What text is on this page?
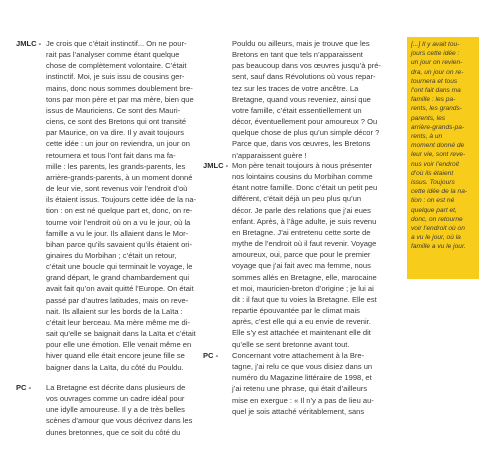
JMLC - Je crois que c’était instinctif... On ne pour-
rait pas l’analyser comme étant quelque
chose de complètement volontaire. C’était
instinctif. Moi, je suis issu de cousins ger-
mains, donc nous sommes doublement bre-
tons par mon père et par ma mère, bien que
issus de Mauriciens. Ce sont des Mauri-
ciens, ce sont des Bretons qui ont transité
par Maurice, on va dire. Il y avait toujours
cette idée : un jour on reviendra, un jour on
retournera et tous l’ont fait dans ma fa-
mille : les parents, les grands-parents, les
arrière-grands-parents, à un moment donné
de leur vie, sont revenus voir l’endroit d’où
ils étaient issus. Toujours cette idée de la na-
tion : on est né quelque part et, donc, on re-
tourne voir l’endroit où on a vu le jour, où la
famille a vu le jour. Ils allaient dans le Mor-
bihan parce qu’ils savaient qu’ils étaient ori-
ginaires du Morbihan ; c’était un retour,
c’était une boucle qui terminait le voyage, le
grand départ, le grand chambardement qui
avait fait qu’on avait quitté l’Europe. On était
passé par d’autres latitudes, mais on reve-
nait. Ils allaient sur les bords de la Laïta :
c’était leur berceau. Ma mère même me di-
sait qu’elle se baignait dans la Laïta et c’était
pour elle une émotion. Elle venait même en
hiver quand elle était encore jeune fille se
baigner dans la Laïta, du côté du Pouldu.
PC - La Bretagne est décrite dans plusieurs de
vos ouvrages comme un cadre idéal pour
une idylle amoureuse. Il y a de très belles
scènes d’amour que vous décrivez dans les
dunes bretonnes, que ce soit du côté du
Pouldu ou ailleurs, mais je trouve que les
Bretons en tant que tels n’apparaissent
pas beaucoup dans vos œuvres jusqu’à pré-
sent, sauf dans Révolutions où vous repar-
tez sur les traces de votre ancêtre. La
Bretagne, quand vous reveniez, ainsi que
votre famille, c’était essentiellement un
décor, éventuellement pour amoureux ? Ou
quelque chose de plus qu’un simple décor ?
Parce que, dans vos œuvres, les Bretons
n’apparaissent guère !
JMLC - Mon père tenait toujours à nous présenter
nos lointains cousins du Morbihan comme
étant notre famille. Donc c’était un petit peu
différent, c’était déjà un peu plus qu’un
décor. Je parle des relations que j’ai eues
enfant. Après, à l’âge adulte, je suis revenu
en Bretagne. J’ai entretenu cette sorte de
mythe de l’endroit où il faut revenir. Voyage
amoureux, oui, parce que pour le premier
voyage que j’ai fait avec ma femme, nous
sommes allés en Bretagne, elle, marocaine
et moi, mauricien-breton d’origine ; je lui ai
dit : il faut que tu voies la Bretagne. Elle est
repartie épouvantée par le climat mais
après, c’est elle qui a eu envie de revenir.
Elle s’y est attachée et maintenant elle dit
qu’elle se sent bretonne avant tout.
PC - Concernant votre attachement à la Bre-
tagne, j’ai relu ce que vous disiez dans un
numéro du Magazine littéraire de 1998, et
j’ai retenu une phrase, qui était d’ailleurs
mise en exergue : « Il n’y a pas de lieu au-
quel je sois attaché véritablement, sans
[...] Il y avait tou-
jours cette idée :
un jour on revien-
dra, un jour on re-
tournera et tous
l’ont fait dans ma
famille : les pa-
rents, les grands-
parents, les
arrière-grands-pa-
rents, à un
moment donné de
leur vie, sont reve-
nus voir l’endroit
d’où ils étaient
issus. Toujours
cette idée de la na-
tion : on est né
quelque part et,
donc, on retourne
voir l’endroit où on
a vu le jour, où la
famille a vu le jour.
